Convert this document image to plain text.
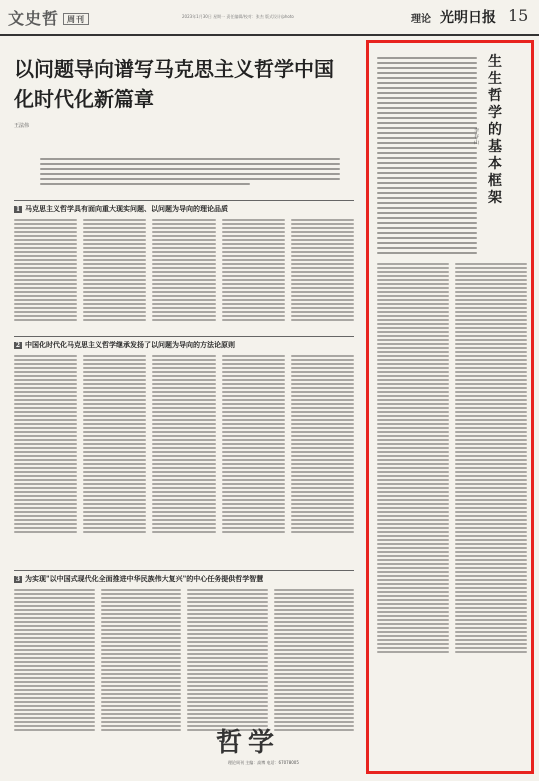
文史哲 周刊	2023年1月30日 星期一 责任编辑/校对：张杰 版式设计/photo	理论 光明日报 15
以问题导向谱写马克思主义哲学中国化时代化新篇章
王法伟
1 马克思主义哲学具有面向重大现实问题、以问题为导向的理论品质
2 中国化时代化马克思主义哲学继承发扬了以问题为导向的方法论原则
3 为实现"以中国式现代化全面推进中华民族伟大复兴"的中心任务提供哲学智慧
生生哲学的基本框架
李存山
哲学
理论周刊 主编：高博 电话：67078005
